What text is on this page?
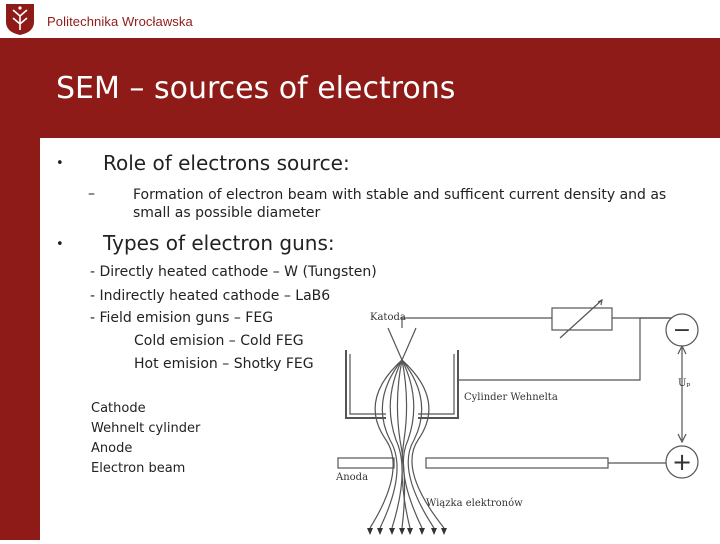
Politechnika Wrocławska
SEM – sources of electrons
• Role of electrons source:
–	Formation of electron beam with stable and sufficent current density and as small as possible diameter
• Types of electron guns:
- Directly heated cathode – W (Tungsten)
- Indirectly heated cathode – LaB6
- Field emision guns – FEG
Cold emision – Cold FEG
Hot emision – Shotky FEG
Cathode
Wehnelt cylinder
Anode
Electron beam
−
+
Katoda
Cylinder Wehnelta
Anoda
Wiązka elektronów
Uₚ
